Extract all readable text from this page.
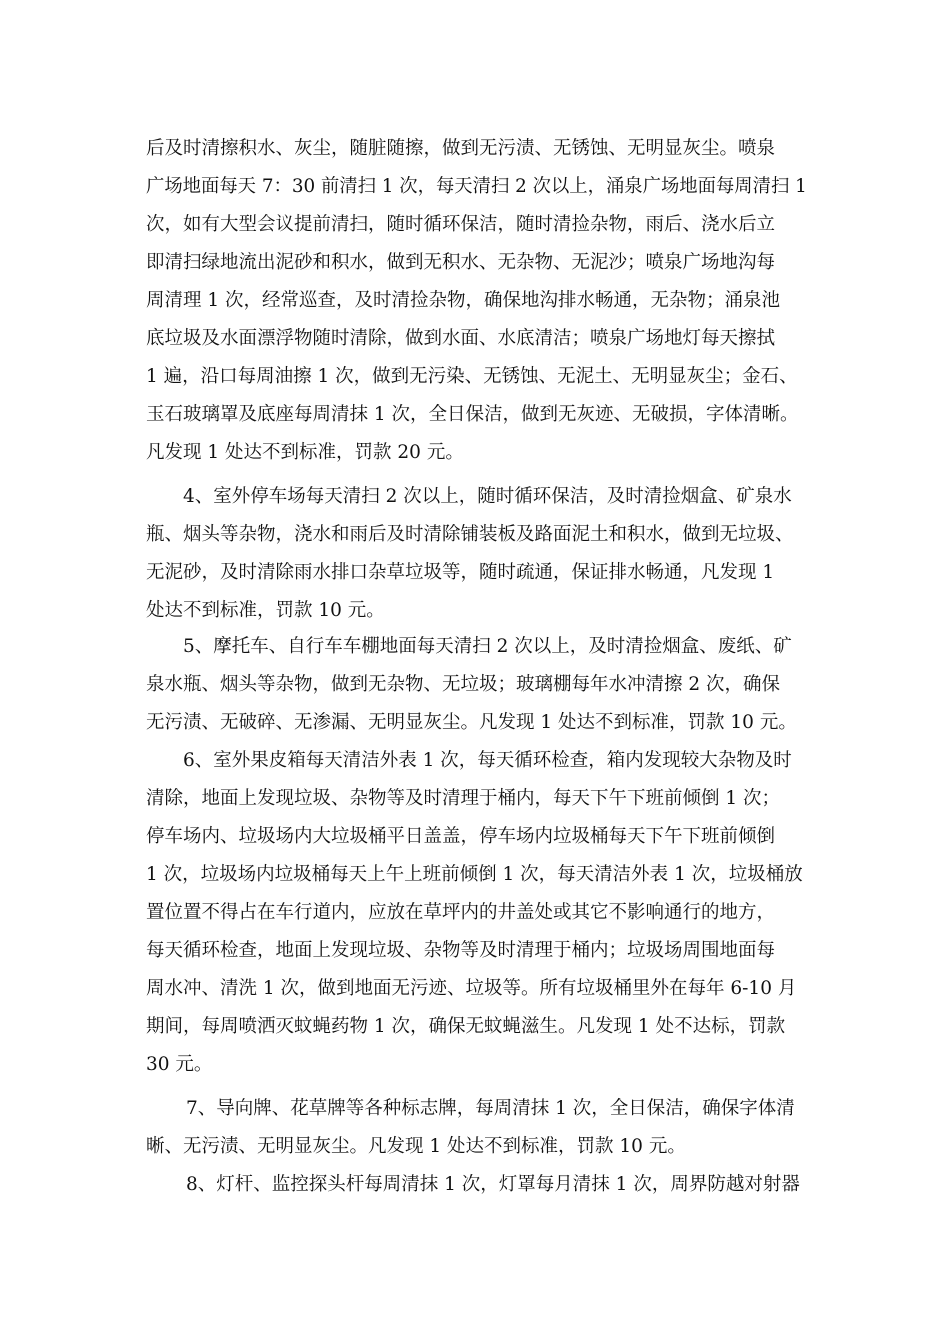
后及时清擦积水、灰尘，随脏随擦，做到无污渍、无锈蚀、无明显灰尘。喷泉
广场地面每天 7：30 前清扫 1 次，每天清扫 2 次以上，涌泉广场地面每周清扫 1
次，如有大型会议提前清扫，随时循环保洁，随时清捡杂物，雨后、浇水后立
即清扫绿地流出泥砂和积水，做到无积水、无杂物、无泥沙；喷泉广场地沟每
周清理 1 次，经常巡查，及时清捡杂物，确保地沟排水畅通，无杂物；涌泉池
底垃圾及水面漂浮物随时清除，做到水面、水底清洁；喷泉广场地灯每天擦拭
1 遍，沿口每周油擦 1 次，做到无污染、无锈蚀、无泥土、无明显灰尘；金石、
玉石玻璃罩及底座每周清抹 1 次，全日保洁，做到无灰迹、无破损，字体清晰。
凡发现 1 处达不到标准，罚款 20 元。
4、室外停车场每天清扫 2 次以上，随时循环保洁，及时清捡烟盒、矿泉水
瓶、烟头等杂物，浇水和雨后及时清除铺装板及路面泥土和积水，做到无垃圾、
无泥砂，及时清除雨水排口杂草垃圾等，随时疏通，保证排水畅通，凡发现 1
处达不到标准，罚款 10 元。
5、摩托车、自行车车棚地面每天清扫 2 次以上，及时清捡烟盒、废纸、矿
泉水瓶、烟头等杂物，做到无杂物、无垃圾；玻璃棚每年水冲清擦 2 次，确保
无污渍、无破碎、无渗漏、无明显灰尘。凡发现 1 处达不到标准，罚款 10 元。
6、室外果皮箱每天清洁外表 1 次，每天循环检查，箱内发现较大杂物及时
清除，地面上发现垃圾、杂物等及时清理于桶内，每天下午下班前倾倒 1 次；
停车场内、垃圾场内大垃圾桶平日盖盖，停车场内垃圾桶每天下午下班前倾倒
1 次，垃圾场内垃圾桶每天上午上班前倾倒 1 次，每天清洁外表 1 次，垃圾桶放
置位置不得占在车行道内，应放在草坪内的井盖处或其它不影响通行的地方，
每天循环检查，地面上发现垃圾、杂物等及时清理于桶内；垃圾场周围地面每
周水冲、清洗 1 次，做到地面无污迹、垃圾等。所有垃圾桶里外在每年 6-10 月
期间，每周喷洒灭蚊蝇药物 1 次，确保无蚊蝇滋生。凡发现 1 处不达标，罚款
30 元。
7、导向牌、花草牌等各种标志牌，每周清抹 1 次，全日保洁，确保字体清
晰、无污渍、无明显灰尘。凡发现 1 处达不到标准，罚款 10 元。
8、灯杆、监控探头杆每周清抹 1 次，灯罩每月清抹 1 次，周界防越对射器
